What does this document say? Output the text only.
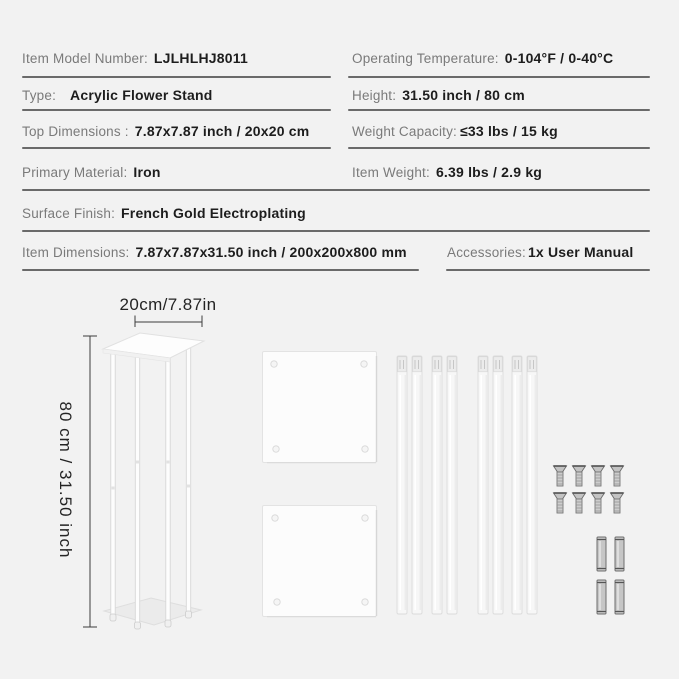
Item Model Number: LJLHLHJ8011	Operating Temperature: 0-104°F / 0-40°C
Type: Acrylic Flower Stand	Height: 31.50 inch / 80 cm
Top Dimensions : 7.87x7.87 inch / 20x20 cm	Weight Capacity: ≤33 lbs / 15 kg
Primary Material: Iron	Item Weight: 6.39 lbs / 2.9 kg
Surface Finish: French Gold Electroplating
Item Dimensions: 7.87x7.87x31.50 inch / 200x200x800 mm	Accessories: 1x User Manual
20cm/7.87in
80 cm / 31.50 inch
